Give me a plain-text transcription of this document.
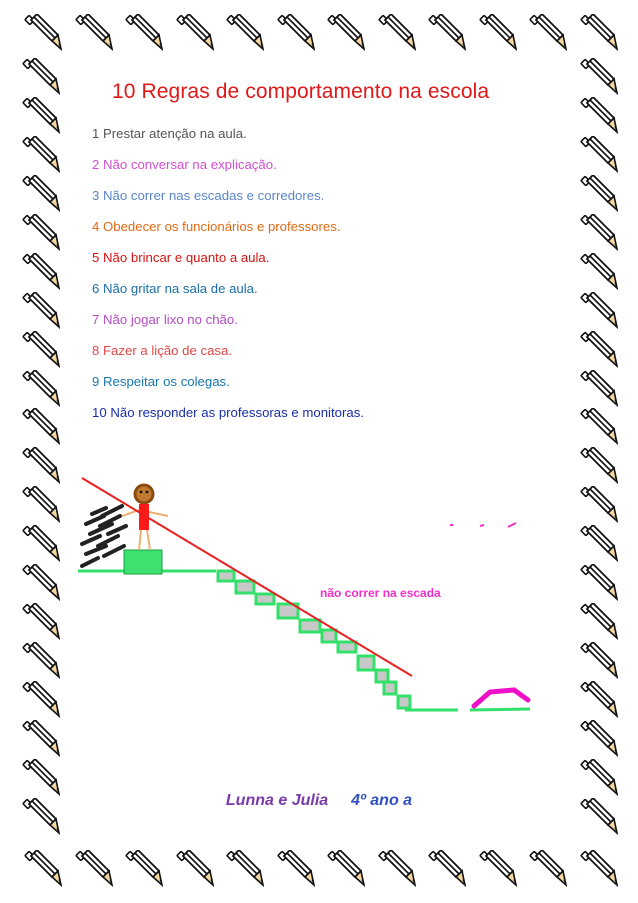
10 Regras de comportamento na escola
1 Prestar atenção na aula.
2 Não conversar na explicação.
3 Não correr nas escadas e corredores.
4 Obedecer os funcionários e professores.
5 Não brincar e quanto a aula.
6 Não gritar na sala de aula.
7 Não jogar lixo no chão.
8 Fazer a lição de casa.
9 Respeitar os colegas.
10 Não responder as professoras e monitoras.
não correr na escada
Lunna e Julia 4º ano a
